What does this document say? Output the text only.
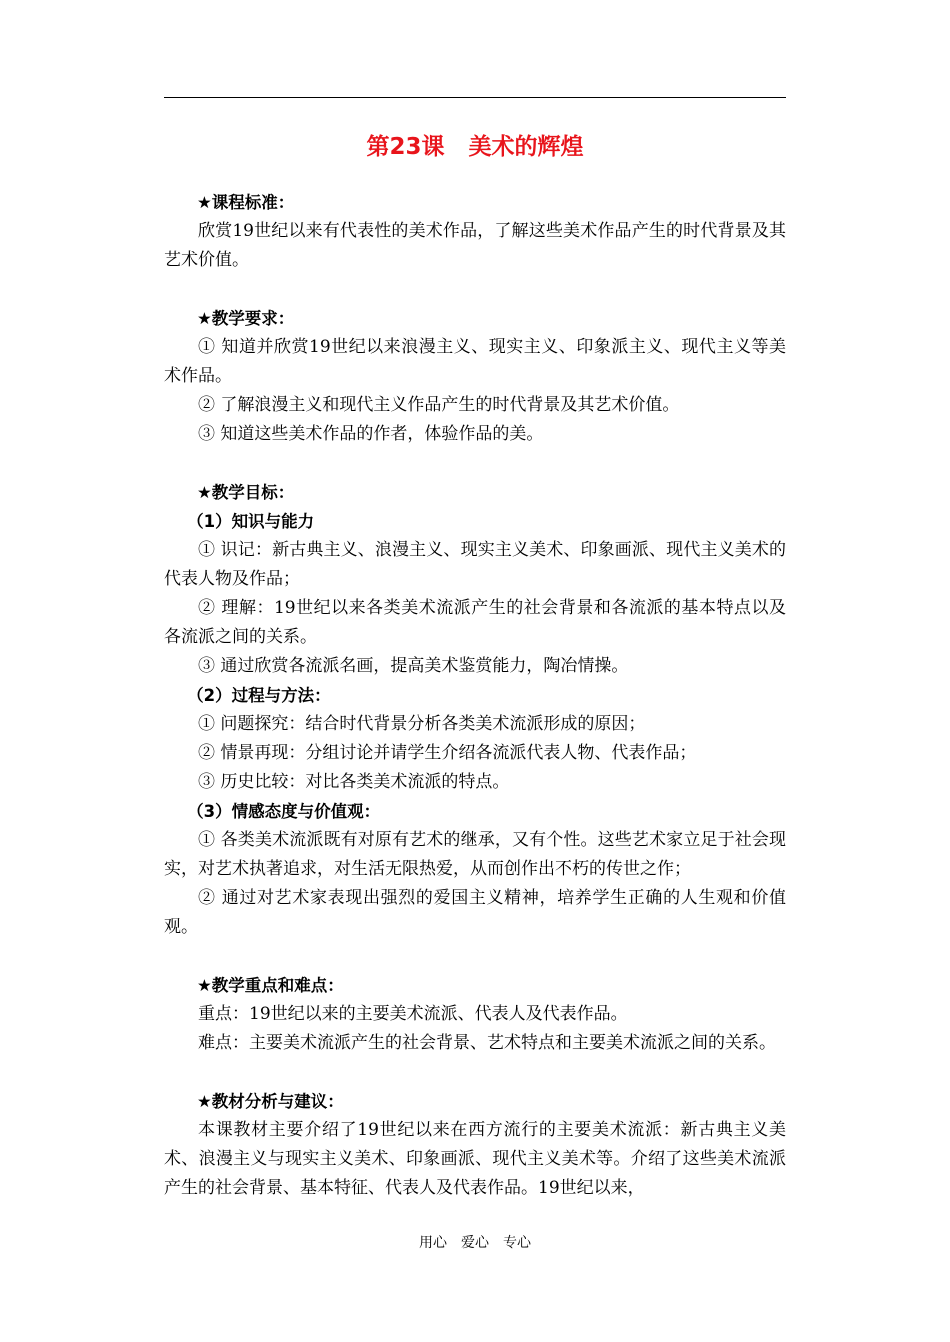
第23课 美术的辉煌
★课程标准：

欣赏19世纪以来有代表性的美术作品，了解这些美术作品产生的时代背景及其艺术价值。

★教学要求：

① 知道并欣赏19世纪以来浪漫主义、现实主义、印象派主义、现代主义等美术作品。

② 了解浪漫主义和现代主义作品产生的时代背景及其艺术价值。

③ 知道这些美术作品的作者，体验作品的美。

★教学目标：
（1）知识与能力

① 识记：新古典主义、浪漫主义、现实主义美术、印象画派、现代主义美术的代表人物及作品；

② 理解：19世纪以来各类美术流派产生的社会背景和各流派的基本特点以及各流派之间的关系。

③ 通过欣赏各流派名画，提高美术鉴赏能力，陶冶情操。

（2）过程与方法：

① 问题探究：结合时代背景分析各类美术流派形成的原因；

② 情景再现：分组讨论并请学生介绍各流派代表人物、代表作品；

③ 历史比较：对比各类美术流派的特点。

（3）情感态度与价值观：

① 各类美术流派既有对原有艺术的继承，又有个性。这些艺术家立足于社会现实，对艺术执著追求，对生活无限热爱，从而创作出不朽的传世之作；

② 通过对艺术家表现出强烈的爱国主义精神，培养学生正确的人生观和价值观。

★教学重点和难点：

重点：19世纪以来的主要美术流派、代表人及代表作品。

难点：主要美术流派产生的社会背景、艺术特点和主要美术流派之间的关系。

★教材分析与建议：

本课教材主要介绍了19世纪以来在西方流行的主要美术流派：新古典主义美术、浪漫主义与现实主义美术、印象画派、现代主义美术等。介绍了这些美术流派产生的社会背景、基本特征、代表人及代表作品。19世纪以来，

用心　爱心　专心
